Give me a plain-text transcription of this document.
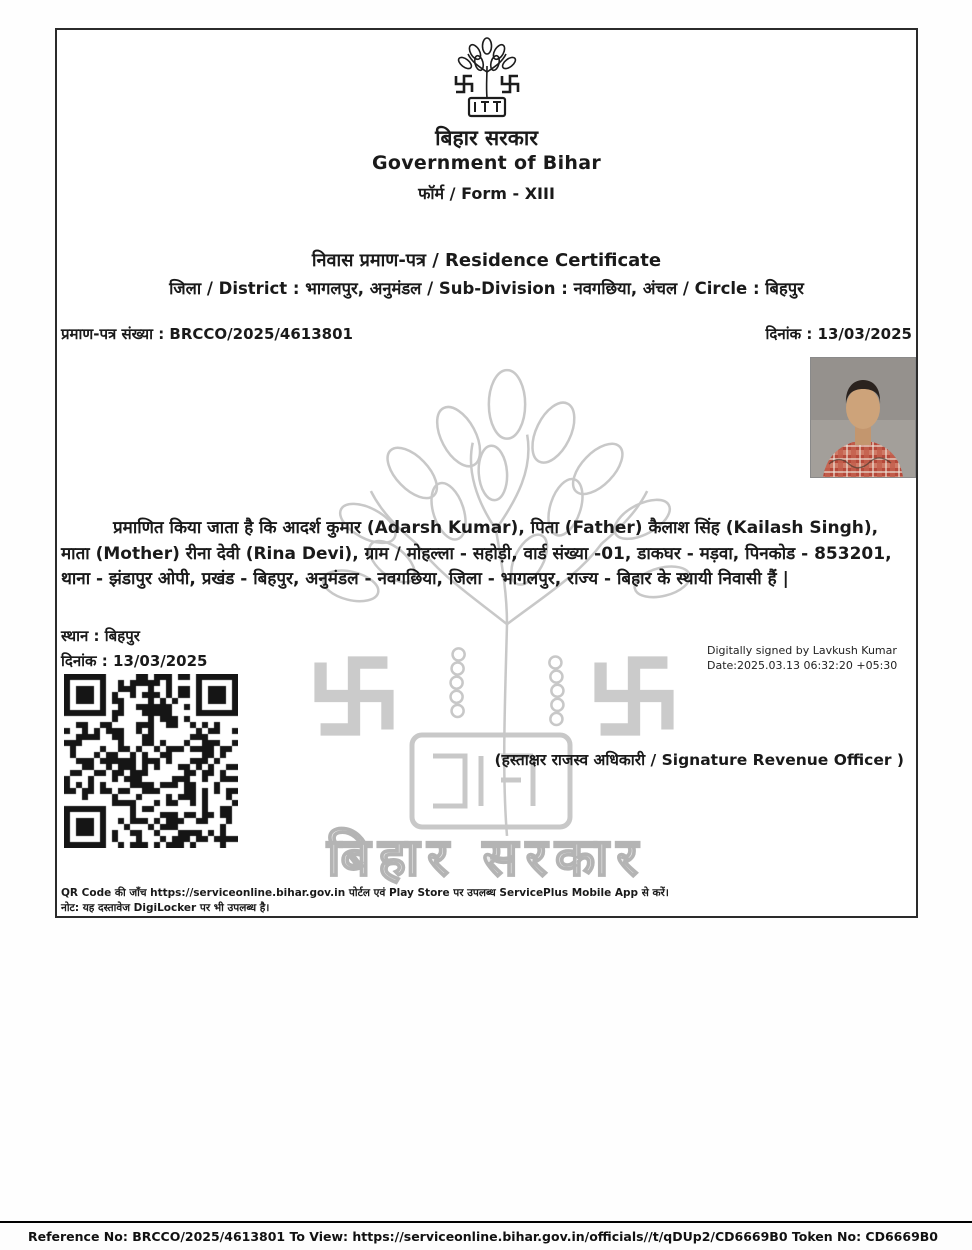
बिहार सरकार
बिहार सरकार
Government of Bihar
फॉर्म / Form - XIII
निवास प्रमाण-पत्र / Residence Certificate
जिला / District : भागलपुर, अनुमंडल / Sub-Division : नवगछिया, अंचल / Circle : बिहपुर
प्रमाण-पत्र संख्या : BRCCO/2025/4613801	दिनांक : 13/03/2025
प्रमाणित किया जाता है कि आदर्श कुमार (Adarsh Kumar), पिता (Father) कैलाश सिंह (Kailash Singh), माता (Mother) रीना देवी (Rina Devi), ग्राम / मोहल्ला - सहोड़ी, वार्ड संख्या -01, डाकघर - मड़वा, पिनकोड - 853201, थाना - झंडापुर ओपी, प्रखंड - बिहपुर, अनुमंडल - नवगछिया, जिला - भागलपुर, राज्य - बिहार के स्थायी निवासी हैं |
स्थान : बिहपुर
दिनांक : 13/03/2025
Digitally signed by Lavkush Kumar
Date:2025.03.13 06:32:20 +05:30
(हस्ताक्षर राजस्व अधिकारी / Signature Revenue Officer )
QR Code की जाँच https://serviceonline.bihar.gov.in पोर्टल एवं Play Store पर उपलब्ध ServicePlus Mobile App से करें।
नोट: यह दस्तावेज DigiLocker पर भी उपलब्ध है।
Reference No: BRCCO/2025/4613801 To View: https://serviceonline.bihar.gov.in/officials//t/qDUp2/CD6669B0 Token No: CD6669B0
